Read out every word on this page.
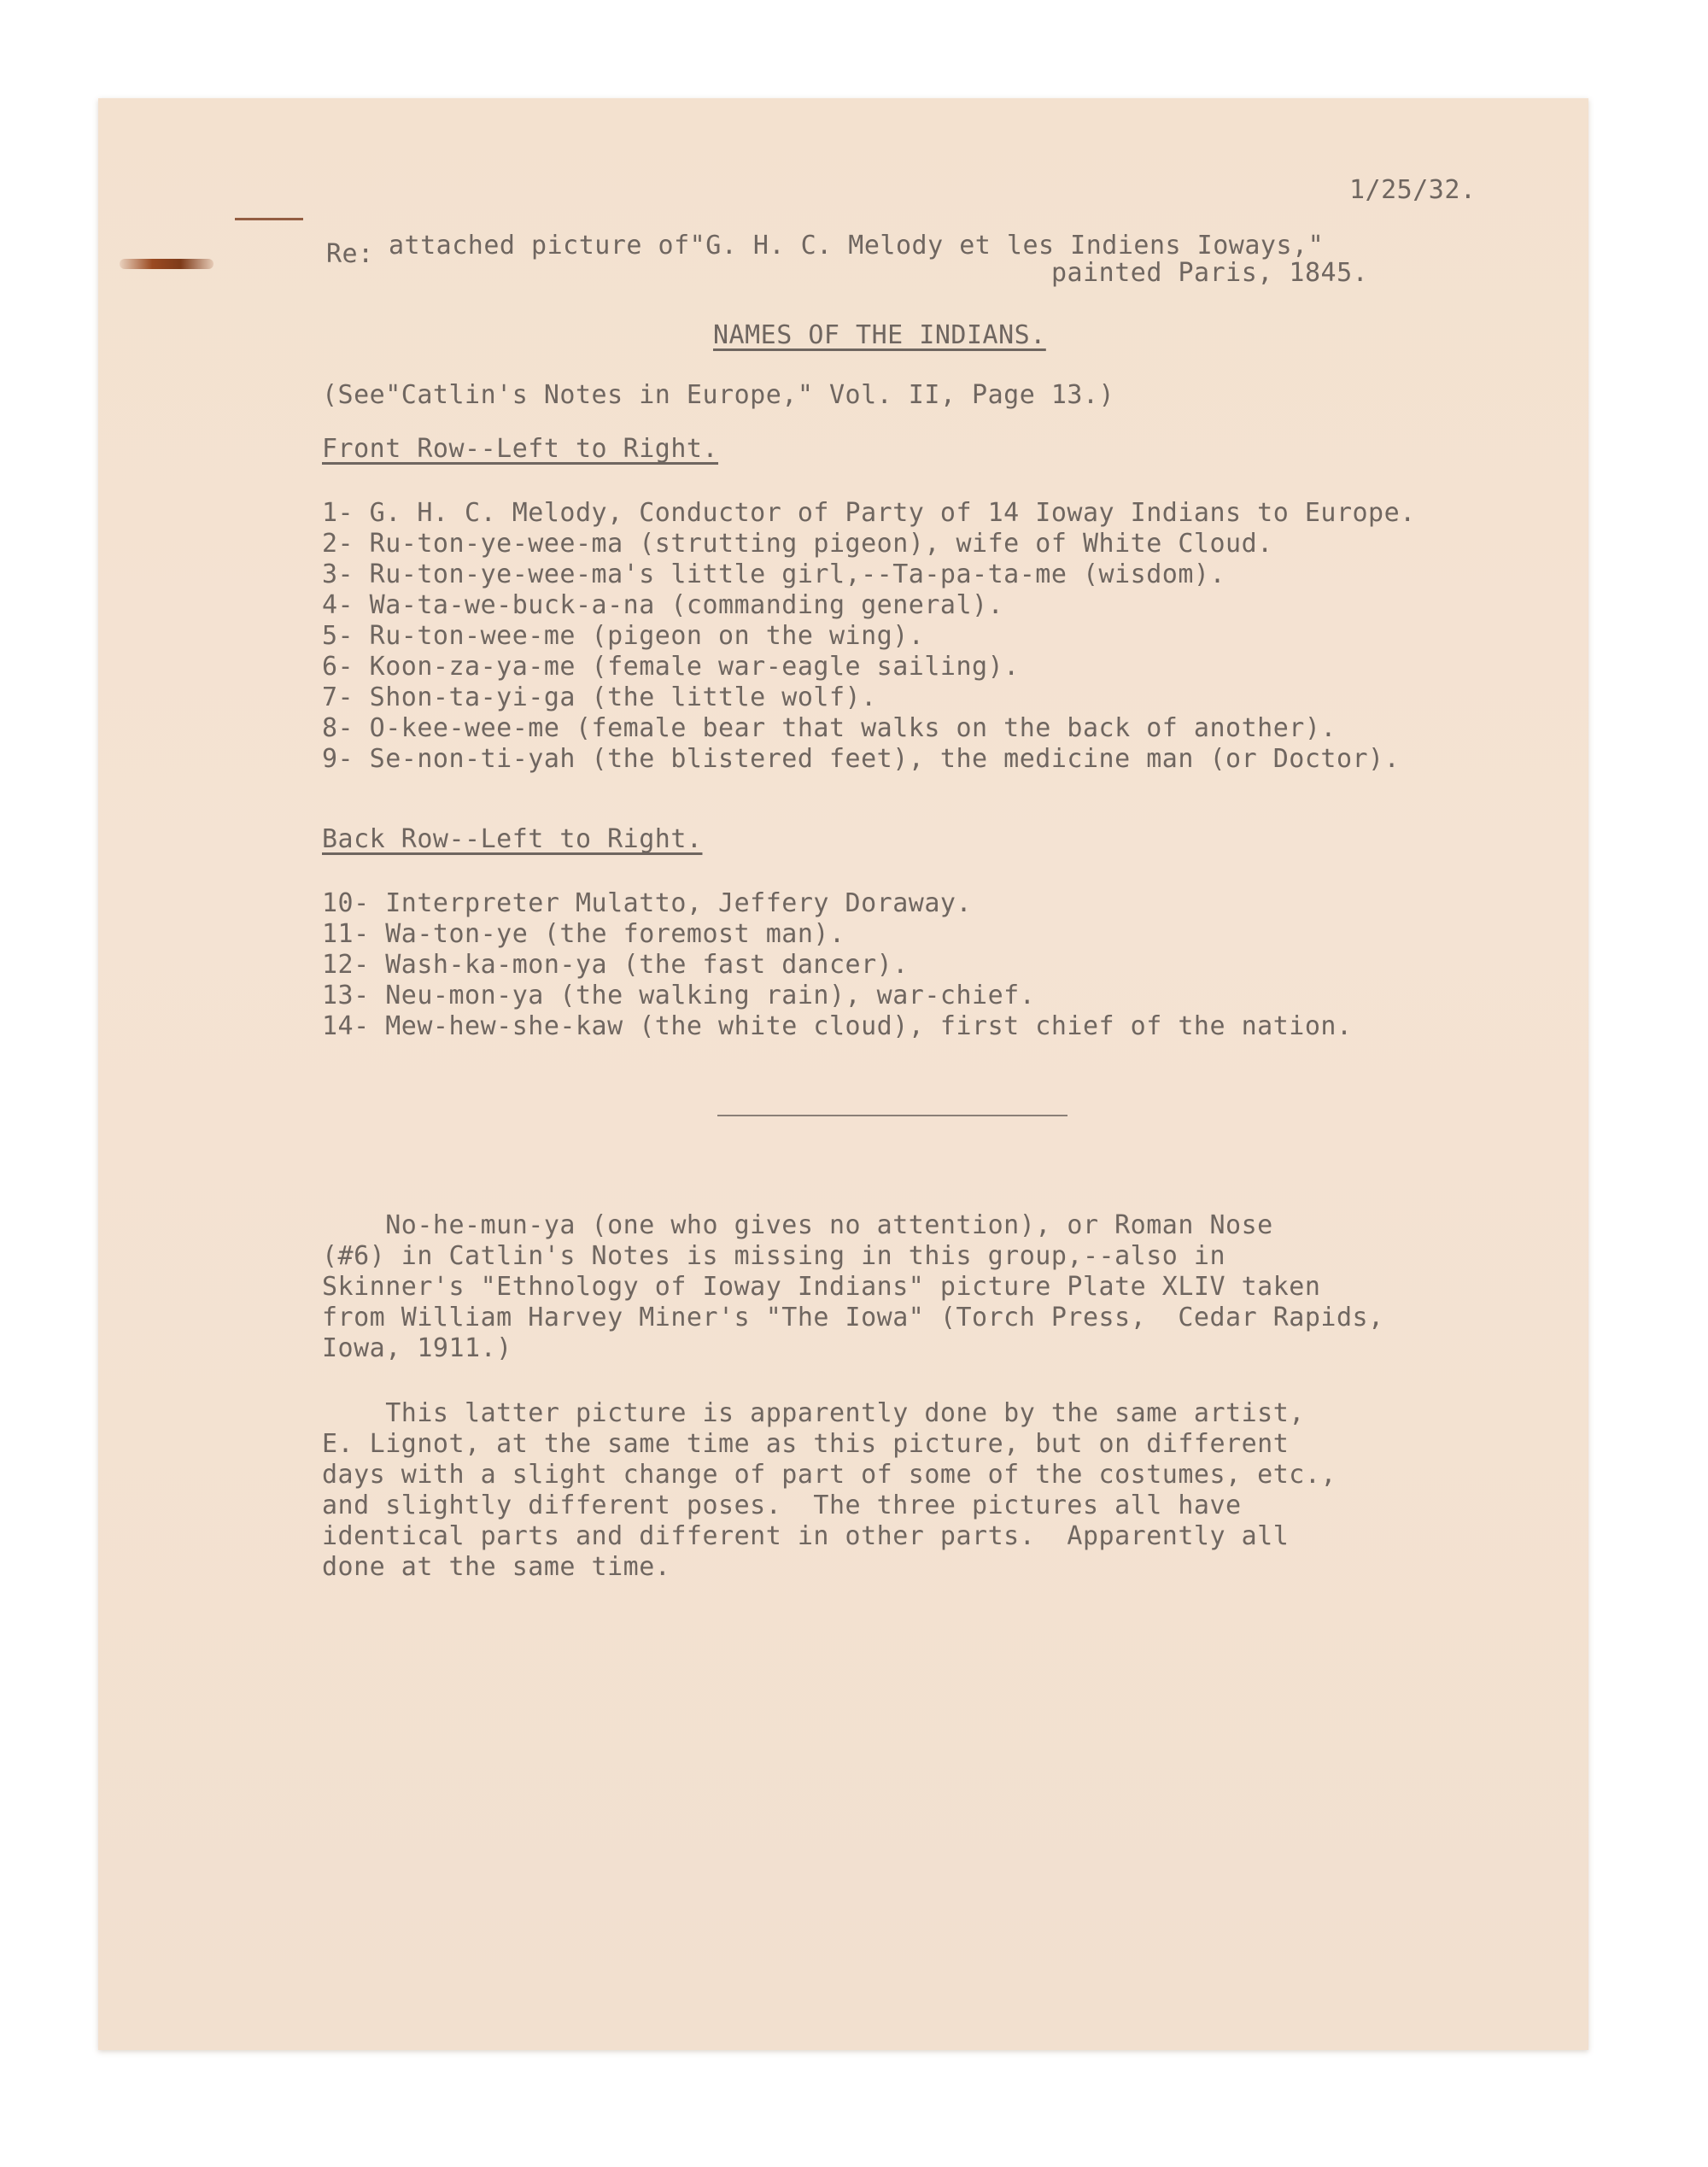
1/25/32.
Re: attached picture of"G. H. C. Melody et les Indiens Ioways,"
painted Paris, 1845.
NAMES OF THE INDIANS.
(See"Catlin's Notes in Europe," Vol. II, Page 13.)
Front Row--Left to Right.
1- G. H. C. Melody, Conductor of Party of 14 Ioway Indians to Europe.
2- Ru-ton-ye-wee-ma (strutting pigeon), wife of White Cloud.
3- Ru-ton-ye-wee-ma's little girl,--Ta-pa-ta-me (wisdom).
4- Wa-ta-we-buck-a-na (commanding general).
5- Ru-ton-wee-me (pigeon on the wing).
6- Koon-za-ya-me (female war-eagle sailing).
7- Shon-ta-yi-ga (the little wolf).
8- O-kee-wee-me (female bear that walks on the back of another).
9- Se-non-ti-yah (the blistered feet), the medicine man (or Doctor).
Back Row--Left to Right.
10- Interpreter Mulatto, Jeffery Doraway.
11- Wa-ton-ye (the foremost man).
12- Wash-ka-mon-ya (the fast dancer).
13- Neu-mon-ya (the walking rain), war-chief.
14- Mew-hew-she-kaw (the white cloud), first chief of the nation.
No-he-mun-ya (one who gives no attention), or Roman Nose
(#6) in Catlin's Notes is missing in this group,--also in
Skinner's "Ethnology of Ioway Indians" picture Plate XLIV taken
from William Harvey Miner's "The Iowa" (Torch Press,  Cedar Rapids,
Iowa, 1911.)
This latter picture is apparently done by the same artist,
E. Lignot, at the same time as this picture, but on different
days with a slight change of part of some of the costumes, etc.,
and slightly different poses.  The three pictures all have
identical parts and different in other parts.  Apparently all
done at the same time.
